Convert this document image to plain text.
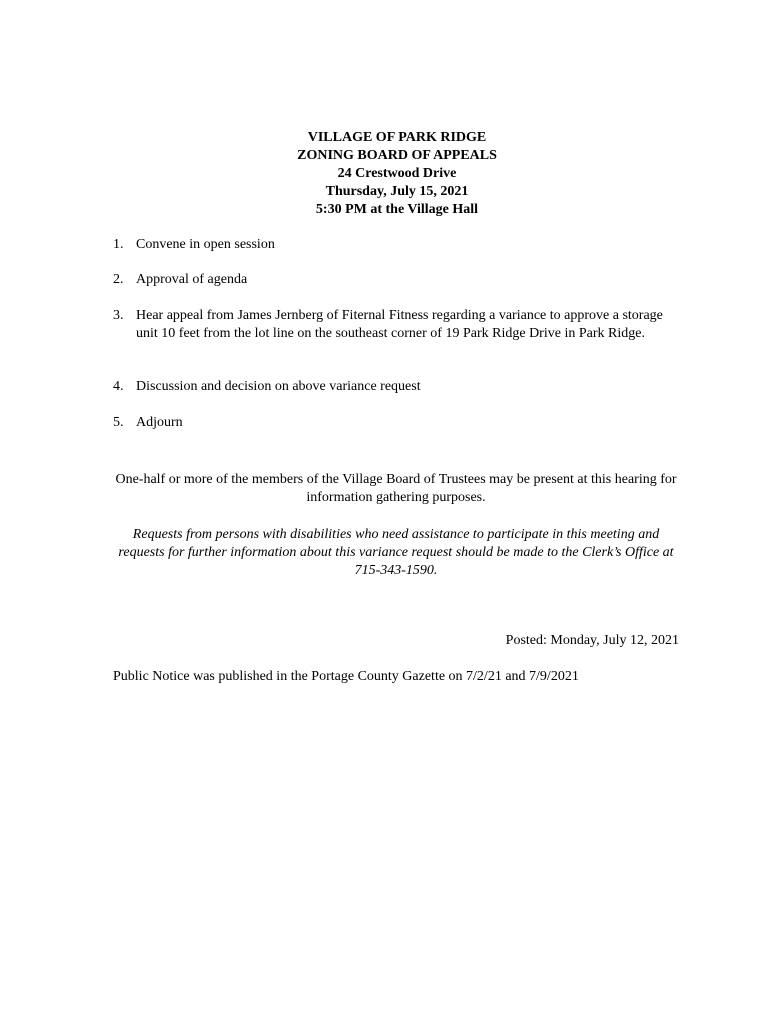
VILLAGE OF PARK RIDGE
ZONING BOARD OF APPEALS
24 Crestwood Drive
Thursday, July 15, 2021
5:30 PM at the Village Hall
1. Convene in open session
2. Approval of agenda
3. Hear appeal from James Jernberg of Fiternal Fitness regarding a variance to approve a storage unit 10 feet from the lot line on the southeast corner of 19 Park Ridge Drive in Park Ridge.
4. Discussion and decision on above variance request
5. Adjourn

One-half or more of the members of the Village Board of Trustees may be present at this hearing for information gathering purposes.

Requests from persons with disabilities who need assistance to participate in this meeting and requests for further information about this variance request should be made to the Clerk’s Office at 715-343-1590.

Posted: Monday, July 12, 2021
Public Notice was published in the Portage County Gazette on 7/2/21 and 7/9/2021
